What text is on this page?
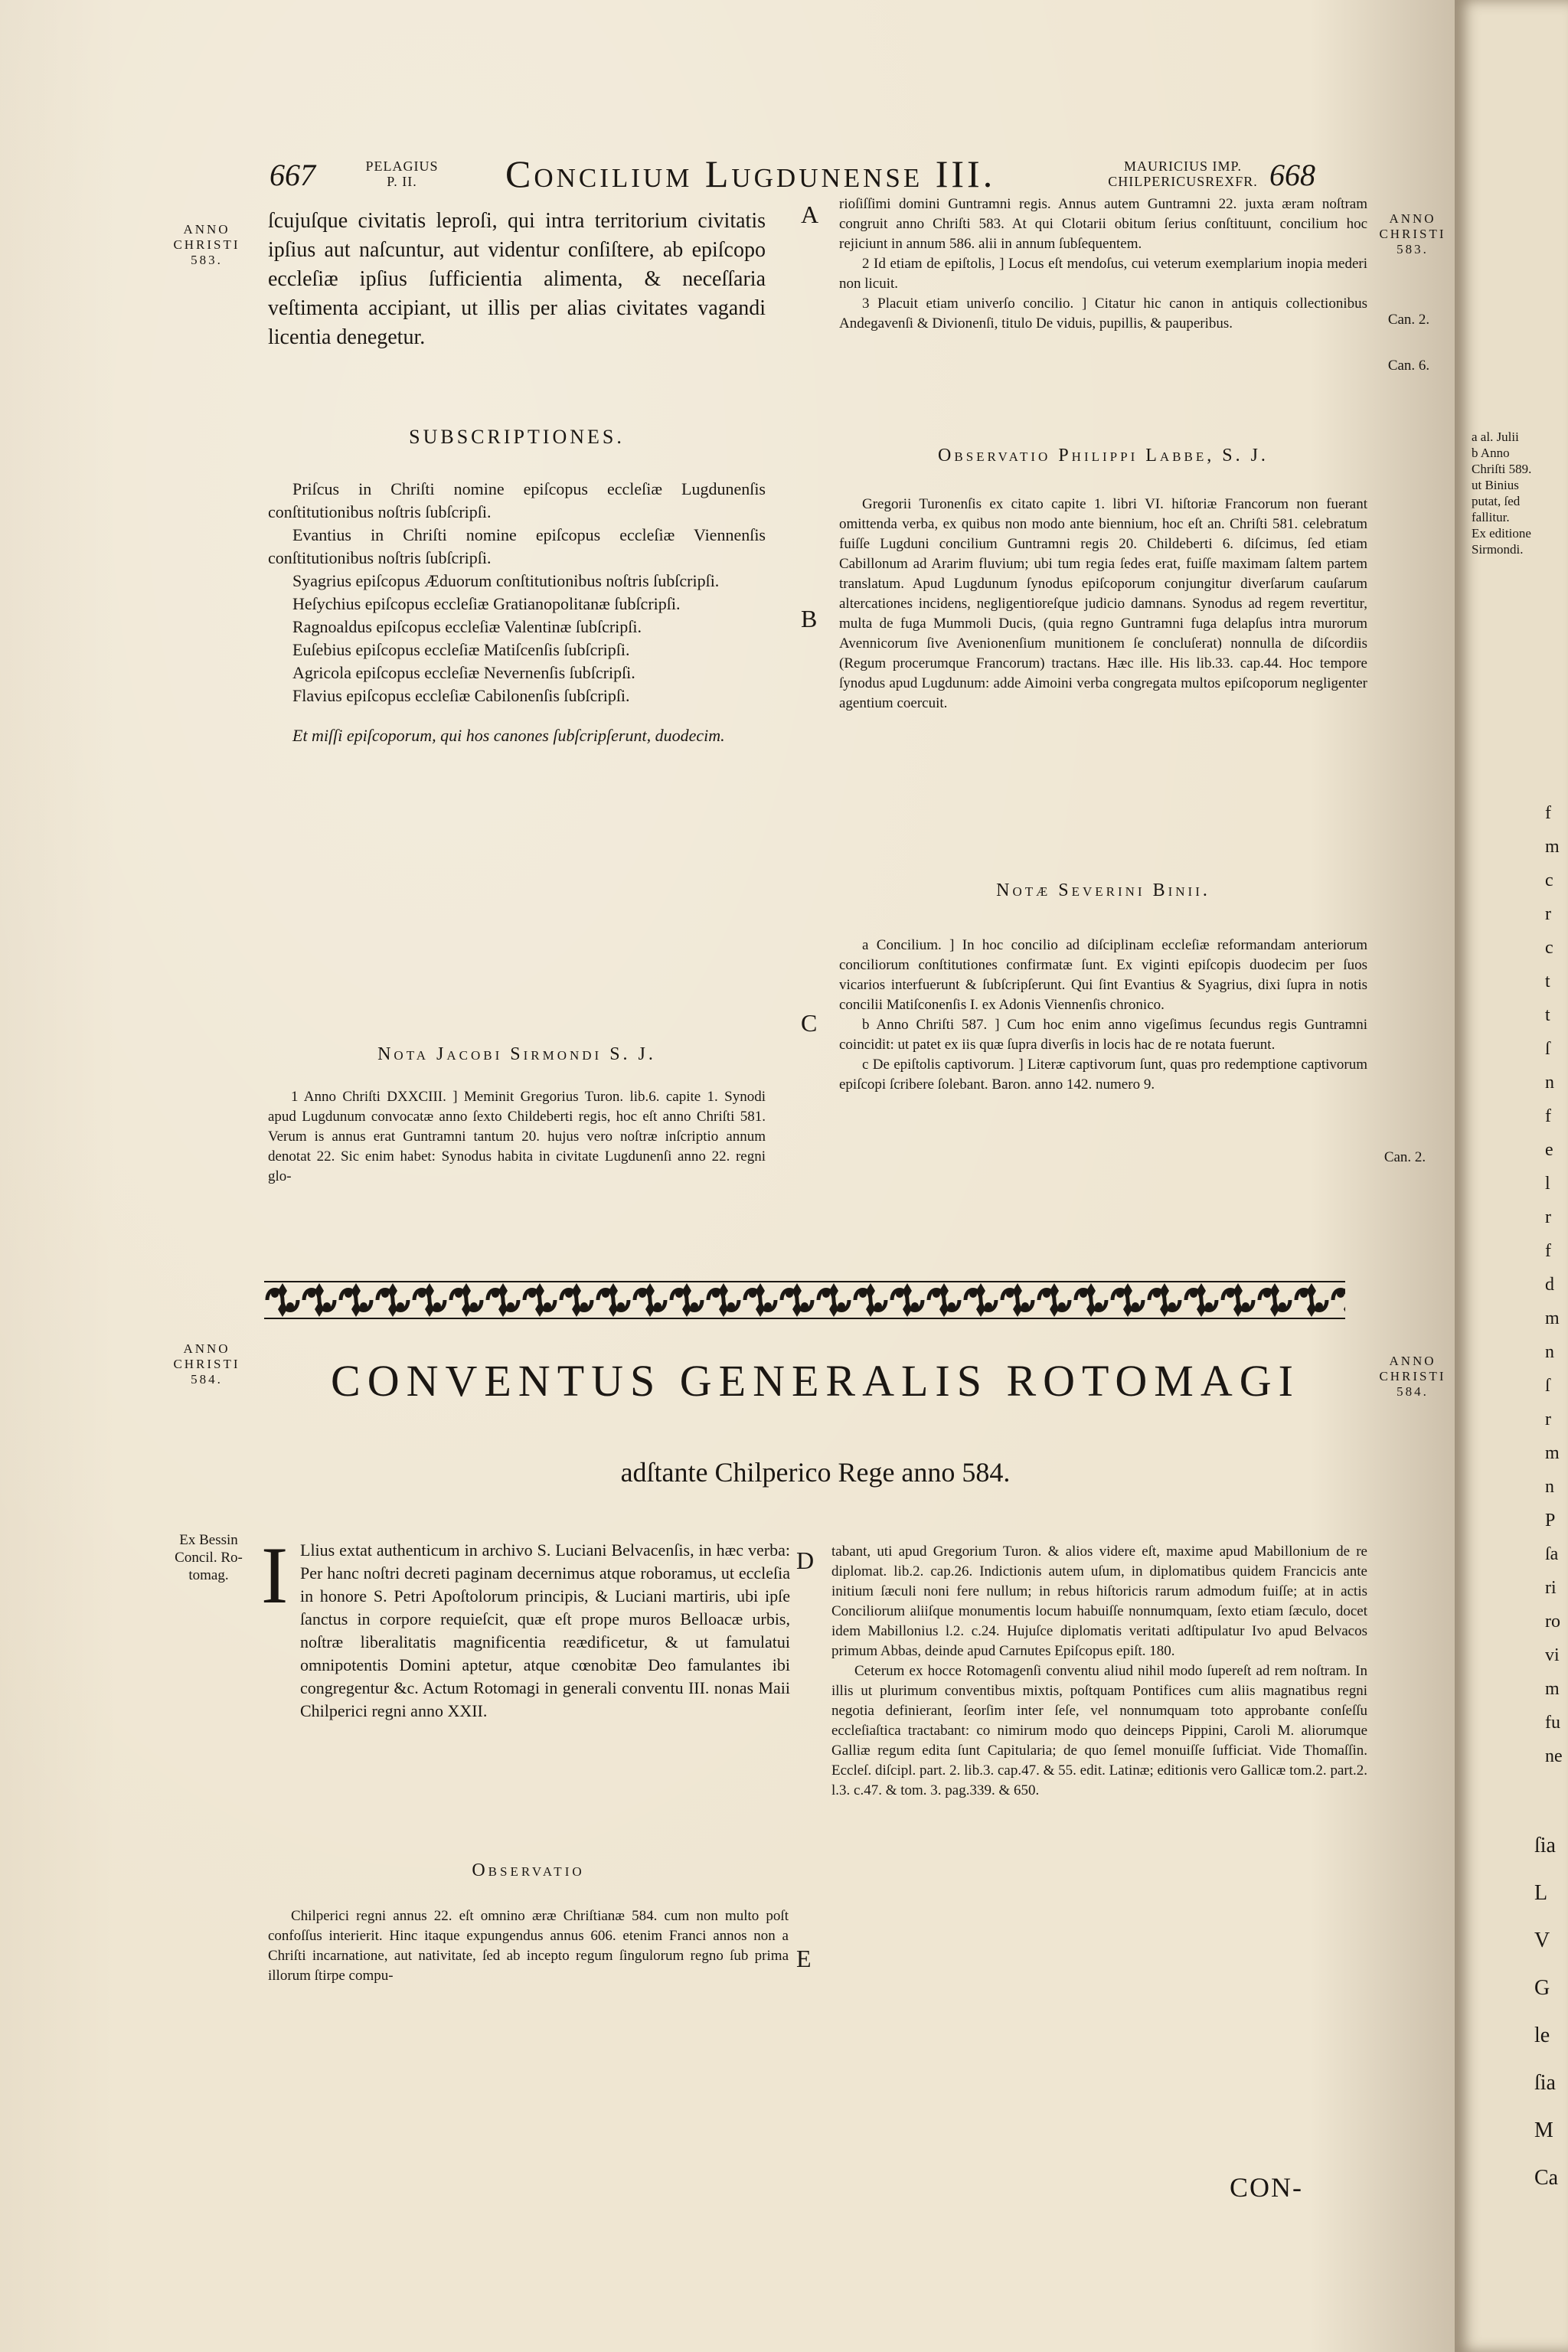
667	PELAGIUS
P. II.	Concilium Lugdunense III.	MAURICIUS IMP.
CHILPERICUSREXFR. 668
ANNO
CHRISTI
583.
ANNO
CHRISTI
583.
Can. 2.
Can. 6.
Can. 2.
ANNO
CHRISTI
584.
ANNO
CHRISTI
584.
Ex Bessin
Concil. Ro-
tomag.
A
B
C
D
E

ſcujuſque civitatis leproſi, qui intra territorium civitatis ipſius aut naſcuntur, aut videntur conſiſtere, ab epiſcopo eccleſiæ ipſius ſufficientia alimenta, & neceſſaria veſtimenta accipiant, ut illis per alias civitates vagandi licentia denegetur.

SUBSCRIPTIONES.

Priſcus in Chriſti nomine epiſcopus eccleſiæ Lugdunenſis conſtitutionibus noſtris ſubſcripſi.

Evantius in Chriſti nomine epiſcopus eccleſiæ Viennenſis conſtitutionibus noſtris ſubſcripſi.

Syagrius epiſcopus Æduorum conſtitutionibus noſtris ſubſcripſi.

Heſychius epiſcopus eccleſiæ Gratianopolitanæ ſubſcripſi.

Ragnoaldus epiſcopus eccleſiæ Valentinæ ſubſcripſi.

Euſebius epiſcopus eccleſiæ Matiſcenſis ſubſcripſi.

Agricola epiſcopus eccleſiæ Nevernenſis ſubſcripſi.

Flavius epiſcopus eccleſiæ Cabilonenſis ſubſcripſi.

Et miſſi epiſcoporum, qui hos canones ſubſcripſerunt, duodecim.

Nota Jacobi Sirmondi S. J.

1 Anno Chriſti DXXCIII. ] Meminit Gregorius Turon. lib.6. capite 1. Synodi apud Lugdunum convocatæ anno ſexto Childeberti regis, hoc eſt anno Chriſti 581. Verum is annus erat Guntramni tantum 20. hujus vero noſtræ inſcriptio annum denotat 22. Sic enim habet: Synodus habita in civitate Lugdunenſi anno 22. regni glo-

rioſiſſimi domini Guntramni regis. Annus autem Guntramni 22. juxta æram noſtram congruit anno Chriſti 583. At qui Clotarii obitum ſerius conſtituunt, concilium hoc rejiciunt in annum 586. alii in annum ſubſequentem.

2 Id etiam de epiſtolis, ] Locus eſt mendoſus, cui veterum exemplarium inopia mederi non licuit.

3 Placuit etiam univerſo concilio. ] Citatur hic canon in antiquis collectionibus Andegavenſi & Divionenſi, titulo De viduis, pupillis, & pauperibus.

Observatio Philippi Labbe, S. J.

Gregorii Turonenſis ex citato capite 1. libri VI. hiſtoriæ Francorum non fuerant omittenda verba, ex quibus non modo ante biennium, hoc eſt an. Chriſti 581. celebratum fuiſſe Lugduni concilium Guntramni regis 20. Childeberti 6. diſcimus, ſed etiam Cabillonum ad Ararim fluvium; ubi tum regia ſedes erat, fuiſſe maximam ſaltem partem translatum. Apud Lugdunum ſynodus epiſcoporum conjungitur diverſarum cauſarum altercationes incidens, negligentioreſque judicio damnans. Synodus ad regem revertitur, multa de fuga Mummoli Ducis, (quia regno Guntramni fuga delapſus intra murorum Avennicorum ſive Avenionenſium munitionem ſe concluſerat) nonnulla de diſcordiis (Regum procerumque Francorum) tractans. Hæc ille. His lib.33. cap.44. Hoc tempore ſynodus apud Lugdunum: adde Aimoini verba congregata multos epiſcoporum negligenter agentium coercuit.

Notæ Severini Binii.

a Concilium. ] In hoc concilio ad diſciplinam eccleſiæ reformandam anteriorum conciliorum conſtitutiones confirmatæ ſunt. Ex viginti epiſcopis duodecim per ſuos vicarios interfuerunt & ſubſcripſerunt. Qui ſint Evantius & Syagrius, dixi ſupra in notis concilii Matiſconenſis I. ex Adonis Viennenſis chronico.

b Anno Chriſti 587. ] Cum hoc enim anno vigeſimus ſecundus regis Guntramni coincidit: ut patet ex iis quæ ſupra diverſis in locis hac de re notata fuerunt.

c De epiſtolis captivorum. ] Literæ captivorum ſunt, quas pro redemptione captivorum epiſcopi ſcribere ſolebant. Baron. anno 142. numero 9.

CONVENTUS GENERALIS ROTOMAGI
adſtante Chilperico Rege anno 584.
I Llius extat authenticum in archivo S. Luciani Belvacenſis, in hæc verba: Per hanc noſtri decreti paginam decernimus atque roboramus, ut eccleſia in honore S. Petri Apoſtolorum principis, & Luciani martiris, ubi ipſe ſanctus in corpore requieſcit, quæ eſt prope muros Belloacæ urbis, noſtræ liberalitatis magnificentia reædificetur, & ut famulatui omnipotentis Domini aptetur, atque cœnobitæ Deo famulantes ibi congregentur &c. Actum Rotomagi in generali conventu III. nonas Maii Chilperici regni anno XXII.

Observatio

Chilperici regni annus 22. eſt omnino æræ Chriſtianæ 584. cum non multo poſt confoſſus interierit. Hinc itaque expungendus annus 606. etenim Franci annos non a Chriſti incarnatione, aut nativitate, ſed ab incepto regum ſingulorum regno ſub prima illorum ſtirpe compu-

tabant, uti apud Gregorium Turon. & alios videre eſt, maxime apud Mabillonium de re diplomat. lib.2. cap.26. Indictionis autem uſum, in diplomatibus quidem Francicis ante initium ſæculi noni fere nullum; in rebus hiſtoricis rarum admodum fuiſſe; at in actis Conciliorum aliiſque monumentis locum habuiſſe nonnumquam, ſexto etiam ſæculo, docet idem Mabillonius l.2. c.24. Hujuſce diplomatis veritati adſtipulatur Ivo apud Belvacos primum Abbas, deinde apud Carnutes Epiſcopus epiſt. 180.

Ceterum ex hocce Rotomagenſi conventu aliud nihil modo ſupereſt ad rem noſtram. In illis ut plurimum conventibus mixtis, poſtquam Pontifices cum aliis magnatibus regni negotia definierant, ſeorſim inter ſeſe, vel nonnumquam toto approbante conſeſſu eccleſiaſtica tractabant: co nimirum modo quo deinceps Pippini, Caroli M. aliorumque Galliæ regum edita ſunt Capitularia; de quo ſemel monuiſſe ſufficiat. Vide Thomaſſin. Eccleſ. diſcipl. part. 2. lib.3. cap.47. & 55. edit. Latinæ; editionis vero Gallicæ tom.2. part.2. l.3. c.47. & tom. 3. pag.339. & 650.

CON-
a al. Julii
b Anno
Chriſti 589.
ut Binius
putat, ſed
fallitur.
Ex editione
Sirmondi.

f

m

c

r

c

t

t

ſ

n

f

e

l

r

f

d

m

n

ſ

r

m

n

P

ſa

ri

ro

vi

m

fu

ne

ſia

L

V

G

le

ſia

M

Ca
